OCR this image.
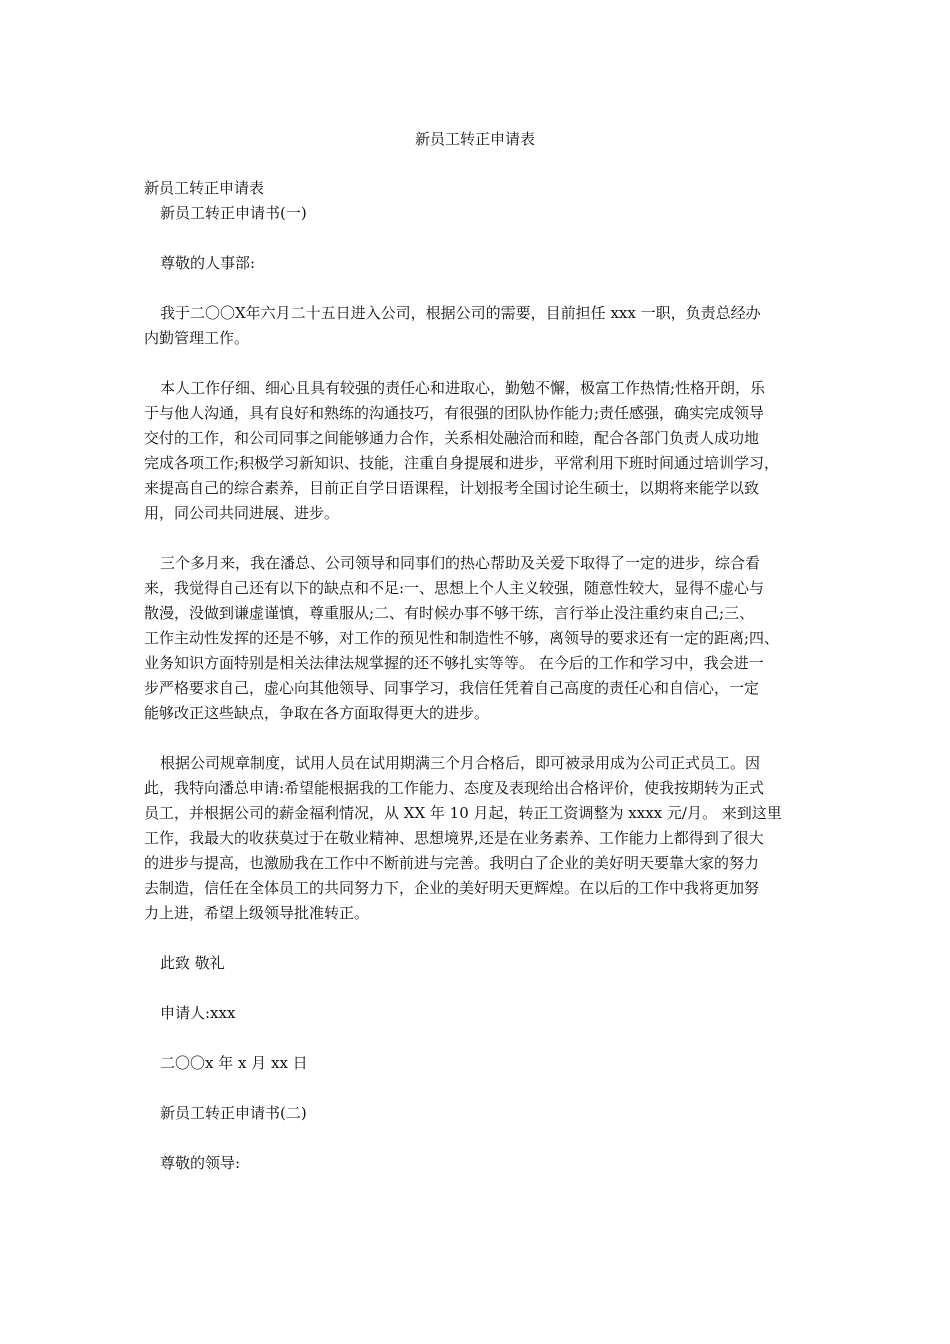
新员工转正申请表
新员工转正申请表
新员工转正申请书(一)
尊敬的人事部:
我于二〇〇X年六月二十五日进入公司，根据公司的需要，目前担任 xxx 一职，负责总经办
内勤管理工作。
本人工作仔细、细心且具有较强的责任心和进取心，勤勉不懈，极富工作热情;性格开朗，乐
于与他人沟通，具有良好和熟练的沟通技巧，有很强的团队协作能力;责任感强，确实完成领导
交付的工作，和公司同事之间能够通力合作，关系相处融洽而和睦，配合各部门负责人成功地
完成各项工作;积极学习新知识、技能，注重自身提展和进步，平常利用下班时间通过培训学习，
来提高自己的综合素养，目前正自学日语课程，计划报考全国讨论生硕士，以期将来能学以致
用，同公司共同进展、进步。
三个多月来，我在潘总、公司领导和同事们的热心帮助及关爱下取得了一定的进步，综合看
来，我觉得自己还有以下的缺点和不足:一、思想上个人主义较强，随意性较大，显得不虚心与
散漫，没做到谦虚谨慎，尊重服从;二、有时候办事不够干练，言行举止没注重约束自己;三、
工作主动性发挥的还是不够，对工作的预见性和制造性不够，离领导的要求还有一定的距离;四、
业务知识方面特别是相关法律法规掌握的还不够扎实等等。 在今后的工作和学习中，我会进一
步严格要求自己，虚心向其他领导、同事学习，我信任凭着自己高度的责任心和自信心，一定
能够改正这些缺点，争取在各方面取得更大的进步。
根据公司规章制度，试用人员在试用期满三个月合格后，即可被录用成为公司正式员工。因
此，我特向潘总申请:希望能根据我的工作能力、态度及表现给出合格评价，使我按期转为正式
员工，并根据公司的薪金福利情况，从 XX 年 10 月起，转正工资调整为 xxxx 元/月。 来到这里
工作，我最大的收获莫过于在敬业精神、思想境界,还是在业务素养、工作能力上都得到了很大
的进步与提高，也激励我在工作中不断前进与完善。我明白了企业的美好明天要靠大家的努力
去制造，信任在全体员工的共同努力下，企业的美好明天更辉煌。在以后的工作中我将更加努
力上进，希望上级领导批准转正。
此致 敬礼
申请人:xxx
二〇〇x 年 x 月 xx 日
新员工转正申请书(二)
尊敬的领导:
